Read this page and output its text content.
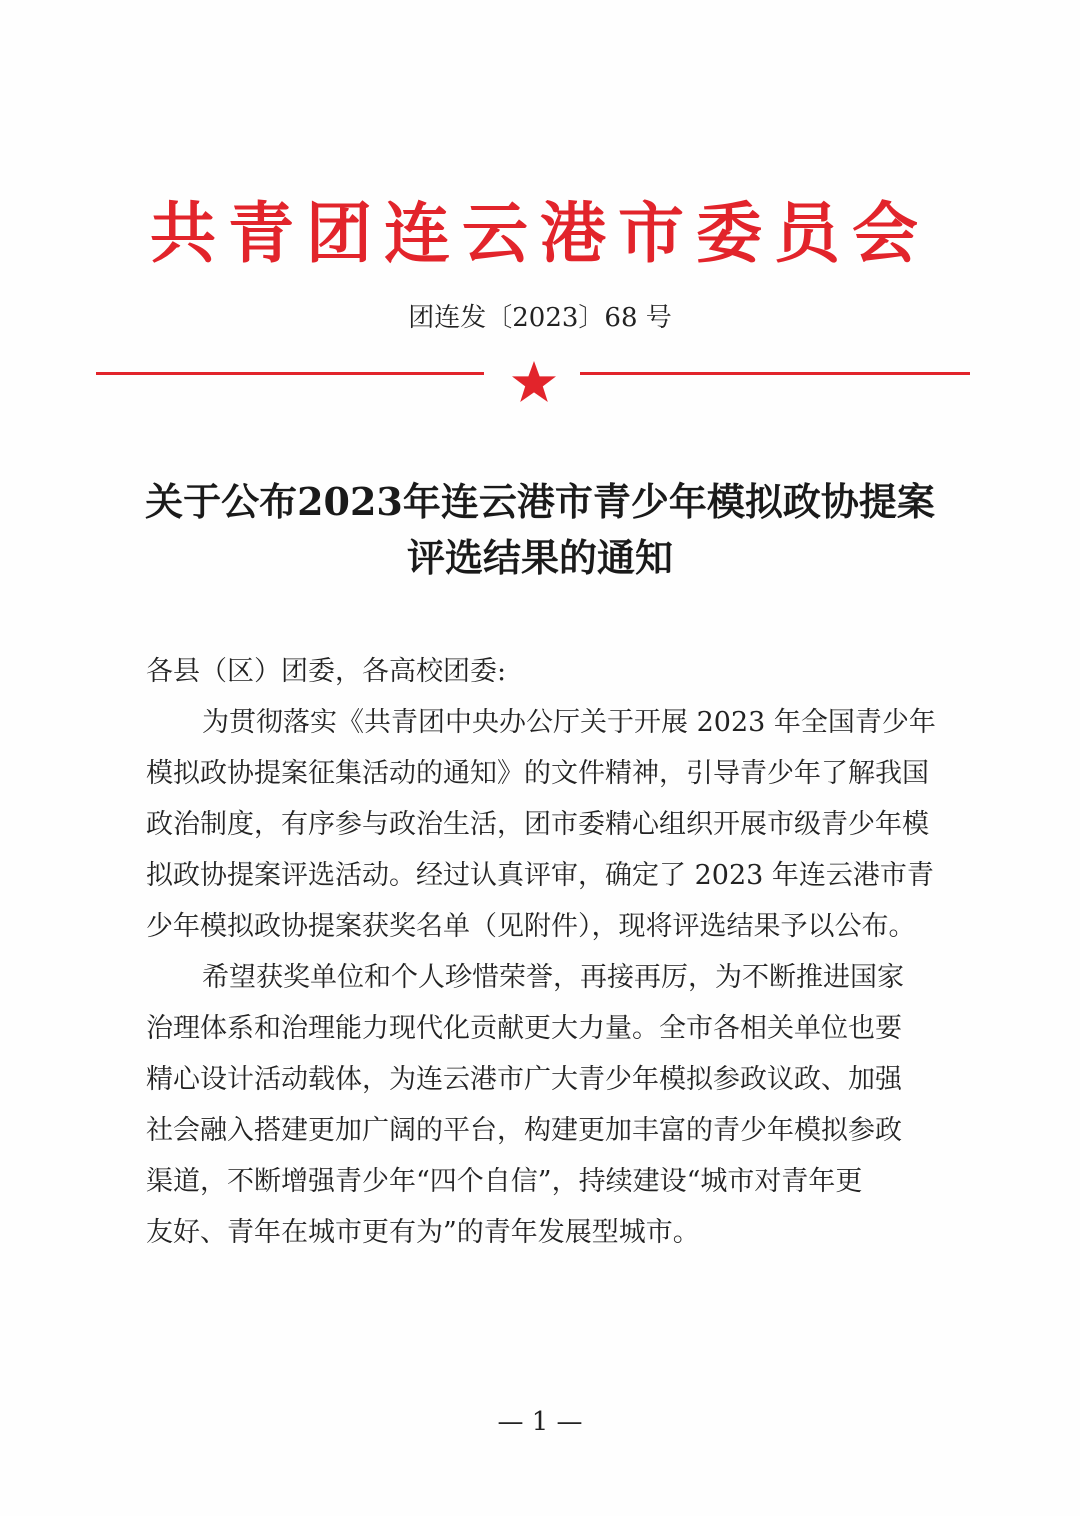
共青团连云港市委员会
团连发〔2023〕68 号
关于公布2023年连云港市青少年模拟政协提案
评选结果的通知
各县（区）团委，各高校团委:
为贯彻落实《共青团中央办公厅关于开展 2023 年全国青少年
模拟政协提案征集活动的通知》的文件精神，引导青少年了解我国
政治制度，有序参与政治生活，团市委精心组织开展市级青少年模
拟政协提案评选活动。经过认真评审，确定了 2023 年连云港市青
少年模拟政协提案获奖名单（见附件），现将评选结果予以公布。
希望获奖单位和个人珍惜荣誉，再接再厉，为不断推进国家
治理体系和治理能力现代化贡献更大力量。全市各相关单位也要
精心设计活动载体，为连云港市广大青少年模拟参政议政、加强
社会融入搭建更加广阔的平台，构建更加丰富的青少年模拟参政
渠道，不断增强青少年“四个自信”，持续建设“城市对青年更
友好、青年在城市更有为”的青年发展型城市。
— 1 —
